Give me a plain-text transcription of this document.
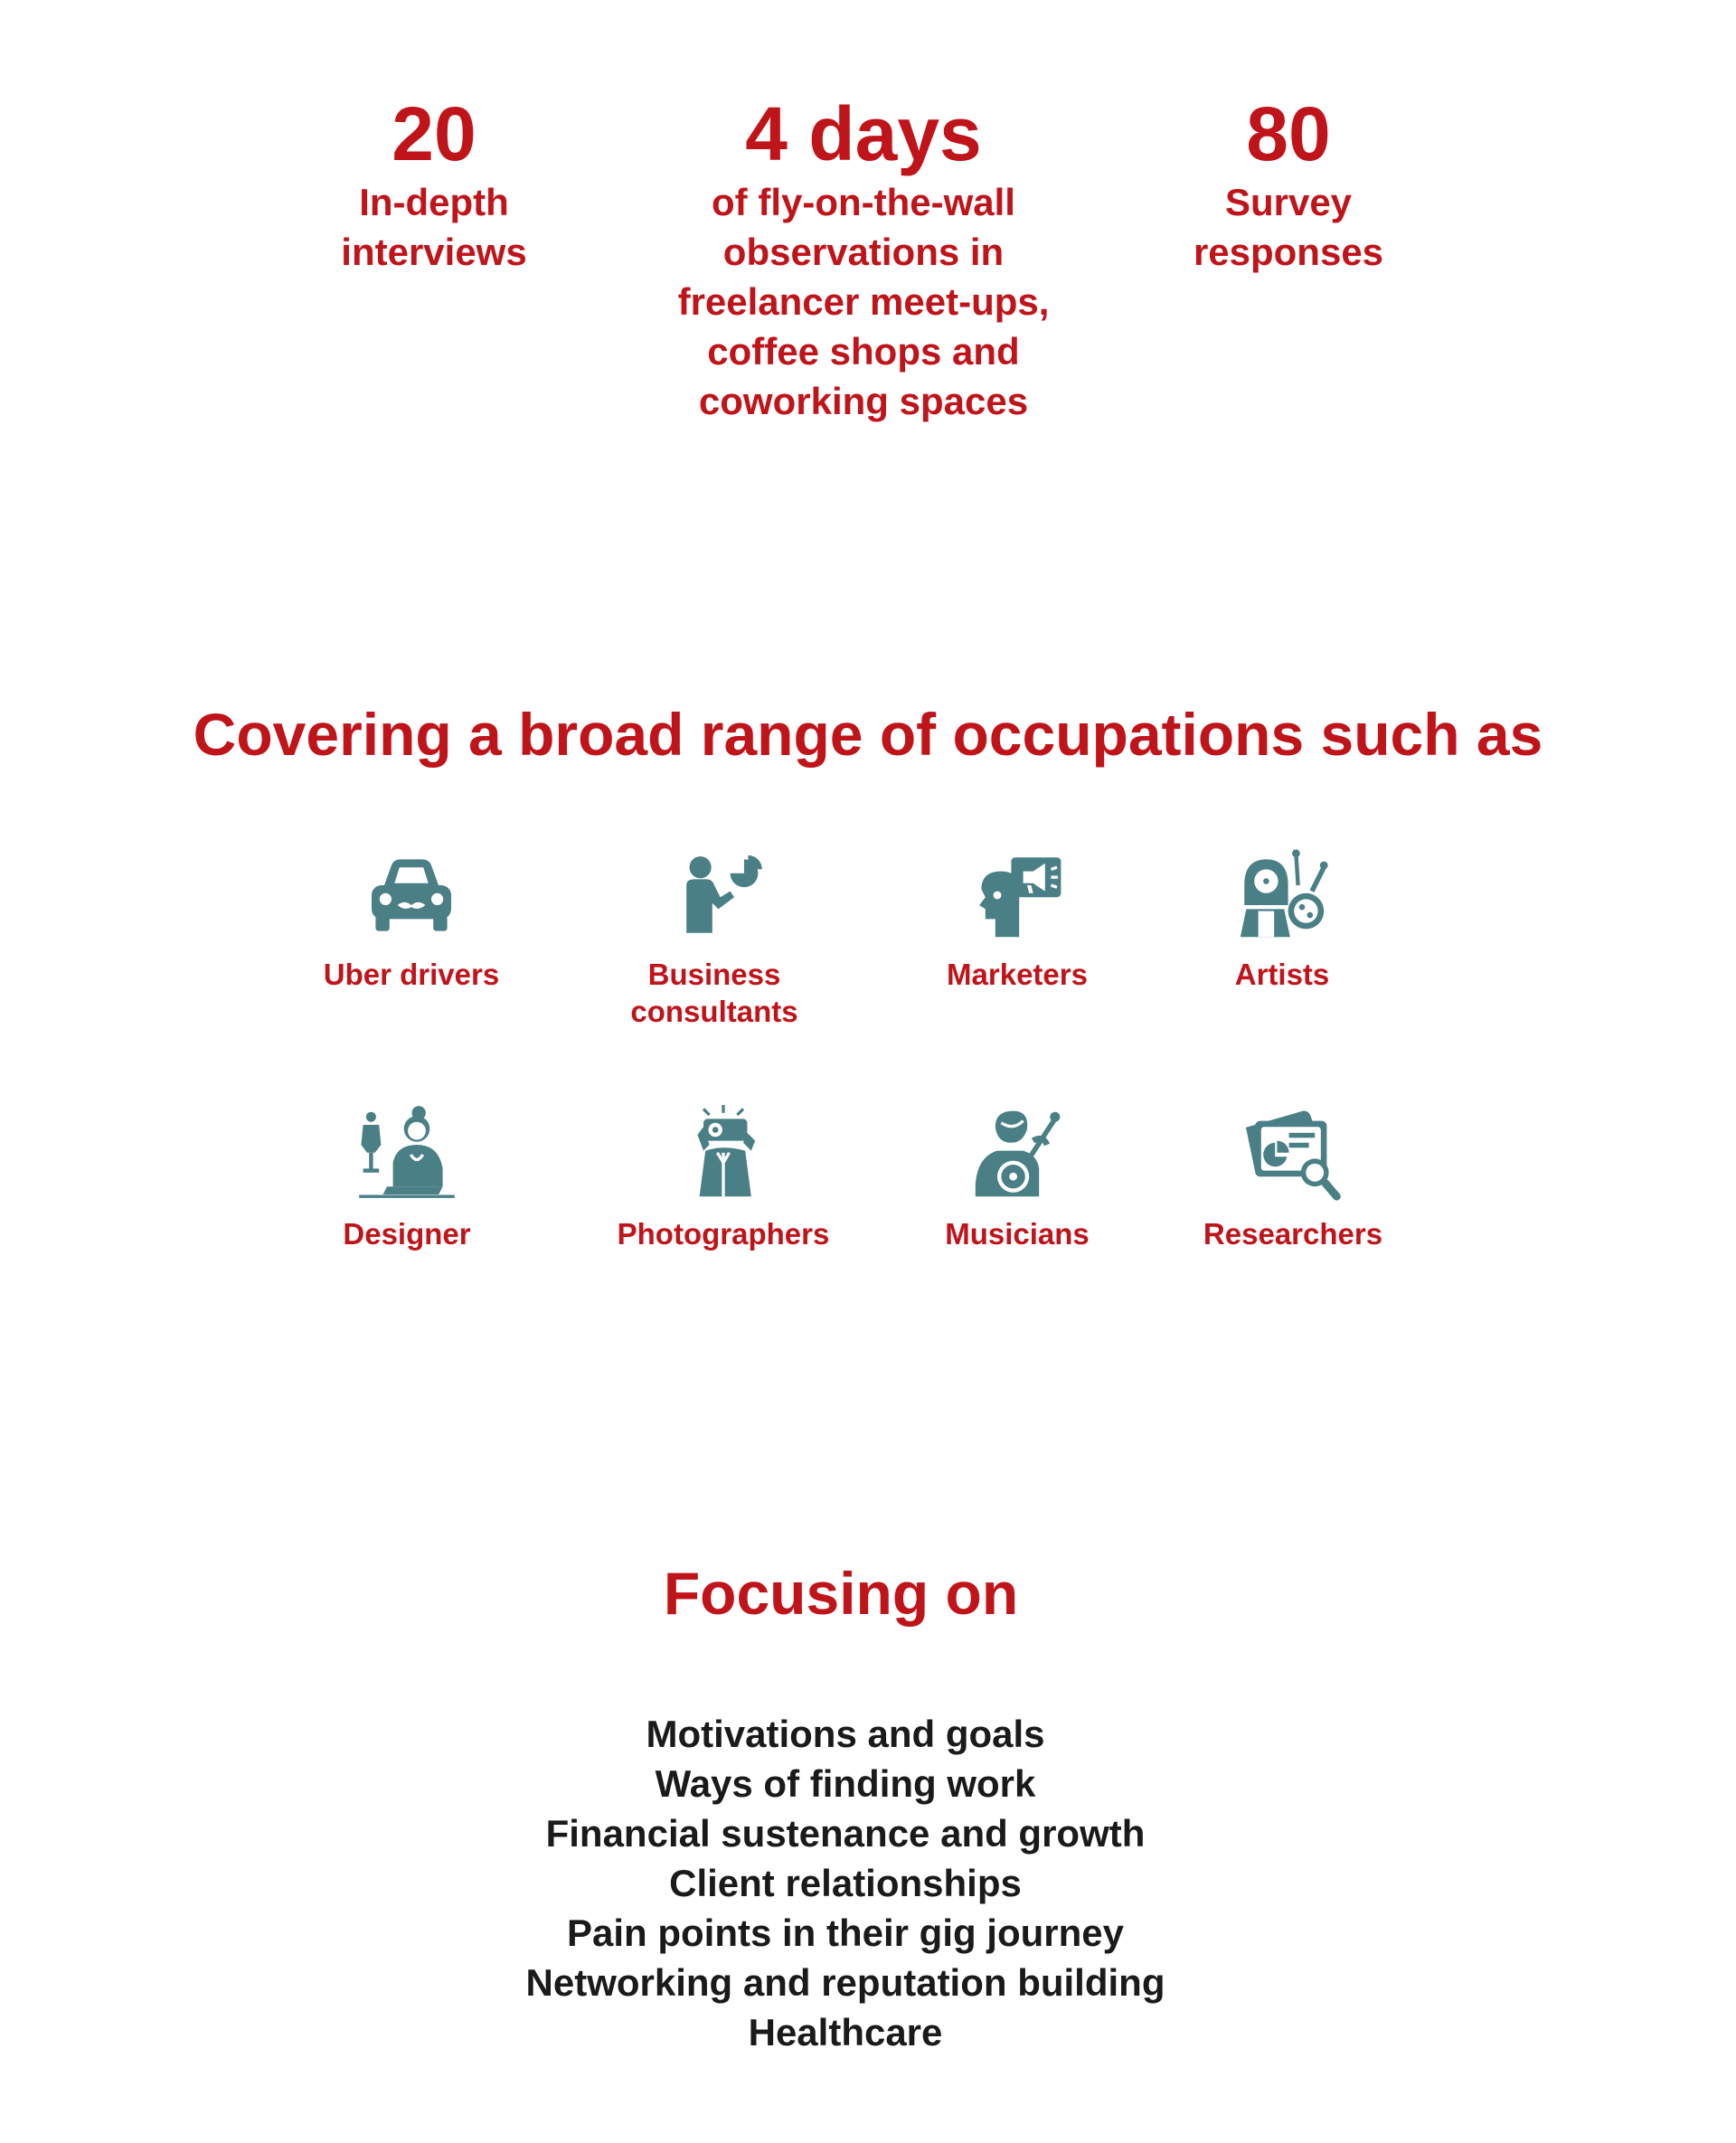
20
In-depth interviews
4 days
of fly-on-the-wall observations in freelancer meet-ups, coffee shops and coworking spaces
80
Survey responses
Covering a broad range of occupations such as
Uber drivers	Business consultants
Marketers	Artists
Designer	Photographers	Musicians	Researchers
Focusing on
Motivations and goals
Ways of finding work
Financial sustenance and growth
Client relationships
Pain points in their gig journey
Networking and reputation building
Healthcare
